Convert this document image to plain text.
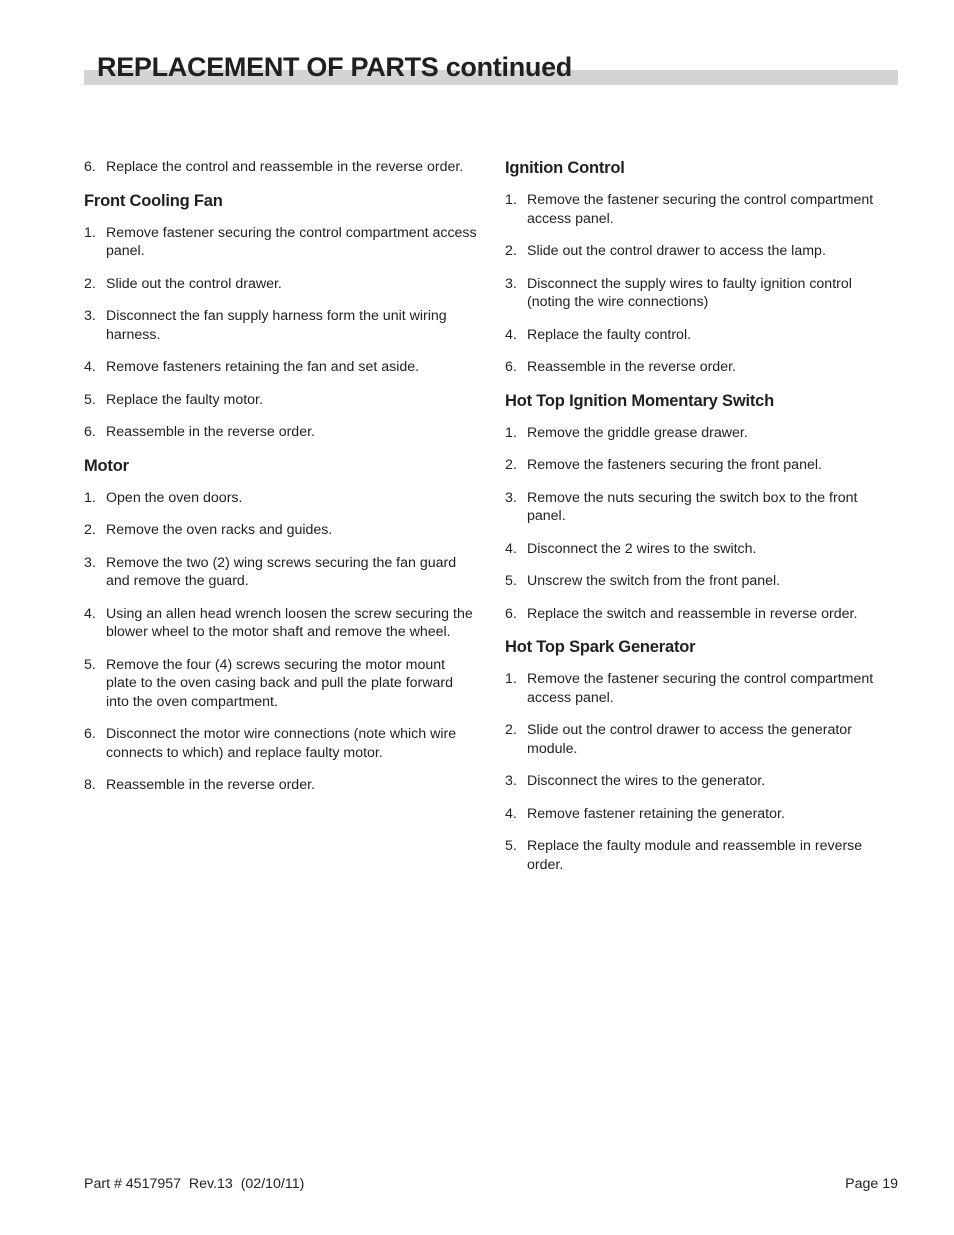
REPLACEMENT OF PARTS continued
6. Replace the control and reassemble in the reverse order.
Front Cooling Fan
1. Remove fastener securing the control compartment access panel.
2. Slide out the control drawer.
3. Disconnect the fan supply harness form the unit wiring harness.
4. Remove fasteners retaining the fan and set aside.
5. Replace the faulty motor.
6. Reassemble in the reverse order.
Motor
1. Open the oven doors.
2. Remove the oven racks and guides.
3. Remove the two (2) wing screws securing the fan guard and remove the guard.
4. Using an allen head wrench loosen the screw securing the blower wheel to the motor shaft and remove the wheel.
5. Remove the four (4) screws securing the motor mount plate to the oven casing back and pull the plate forward into the oven compartment.
6. Disconnect the motor wire connections (note which wire connects to which) and replace faulty motor.
8. Reassemble in the reverse order.
Ignition Control
1. Remove the fastener securing the control compartment access panel.
2. Slide out the control drawer to access the lamp.
3. Disconnect the supply wires to faulty ignition control (noting the wire connections)
4. Replace the faulty control.
6. Reassemble in the reverse order.
Hot Top Ignition Momentary Switch
1. Remove the griddle grease drawer.
2. Remove the fasteners securing the front panel.
3. Remove the nuts securing the switch box to the front panel.
4. Disconnect the 2 wires to the switch.
5. Unscrew the switch from the front panel.
6. Replace the switch and reassemble in reverse order.
Hot Top Spark Generator
1. Remove the fastener securing the control compartment access panel.
2. Slide out the control drawer to access the generator module.
3. Disconnect the wires to the generator.
4. Remove fastener retaining the generator.
5. Replace the faulty module and reassemble in reverse order.
Part # 4517957  Rev.13  (02/10/11)	Page 19
